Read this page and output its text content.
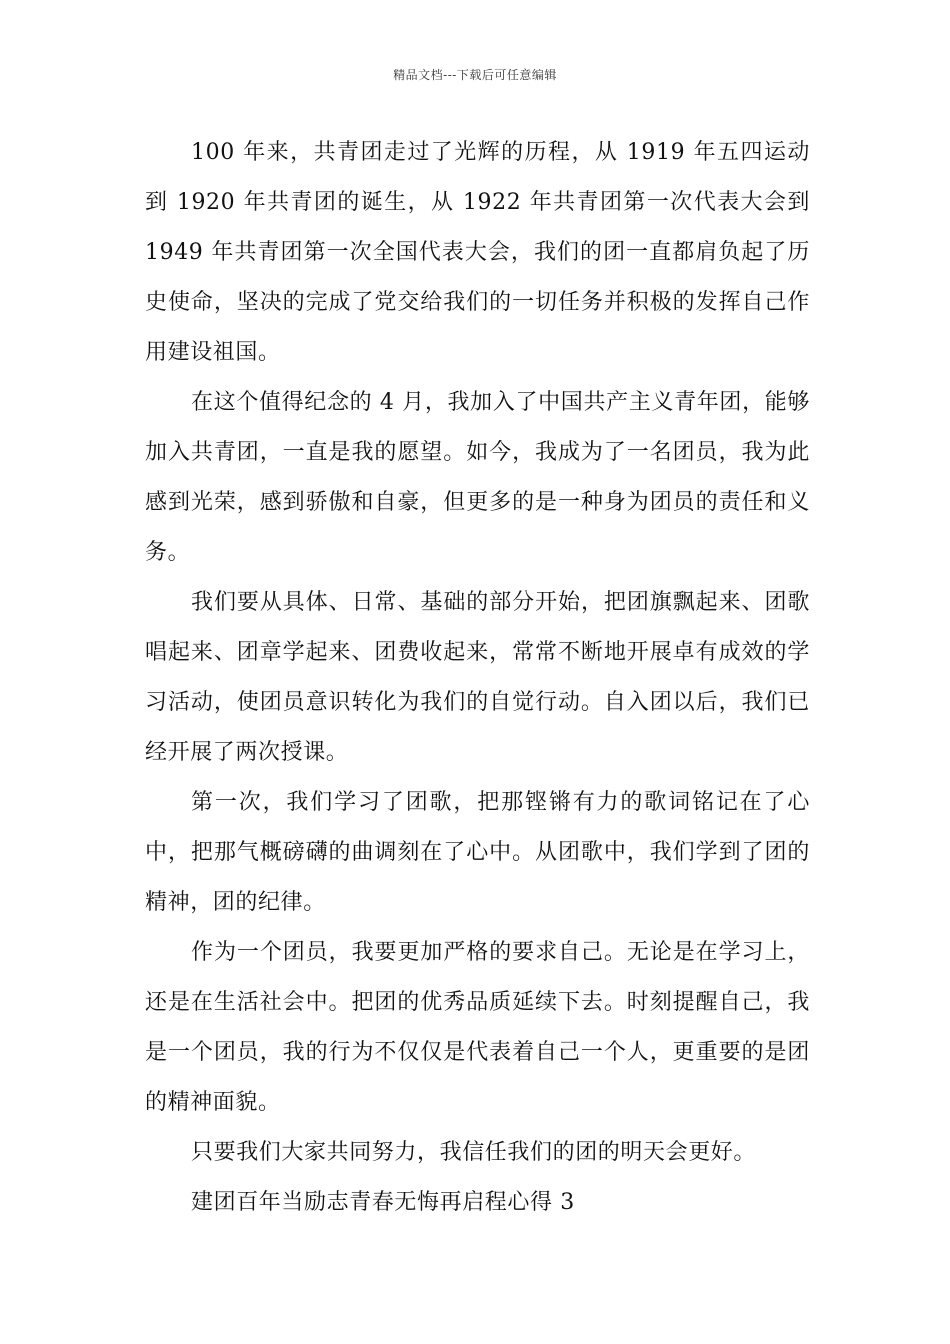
精品文档---下载后可任意编辑

100 年来，共青团走过了光辉的历程，从 1919 年五四运动到 1920 年共青团的诞生，从 1922 年共青团第一次代表大会到 1949 年共青团第一次全国代表大会，我们的团一直都肩负起了历史使命，坚决的完成了党交给我们的一切任务并积极的发挥自己作用建设祖国。

在这个值得纪念的 4 月，我加入了中国共产主义青年团，能够加入共青团，一直是我的愿望。如今，我成为了一名团员，我为此感到光荣，感到骄傲和自豪，但更多的是一种身为团员的责任和义务。

我们要从具体、日常、基础的部分开始，把团旗飘起来、团歌唱起来、团章学起来、团费收起来，常常不断地开展卓有成效的学习活动，使团员意识转化为我们的自觉行动。自入团以后，我们已经开展了两次授课。

第一次，我们学习了团歌，把那铿锵有力的歌词铭记在了心中，把那气概磅礴的曲调刻在了心中。从团歌中，我们学到了团的精神，团的纪律。

作为一个团员，我要更加严格的要求自己。无论是在学习上，还是在生活社会中。把团的优秀品质延续下去。时刻提醒自己，我是一个团员，我的行为不仅仅是代表着自己一个人，更重要的是团的精神面貌。

只要我们大家共同努力，我信任我们的团的明天会更好。

建团百年当励志青春无悔再启程心得 3
